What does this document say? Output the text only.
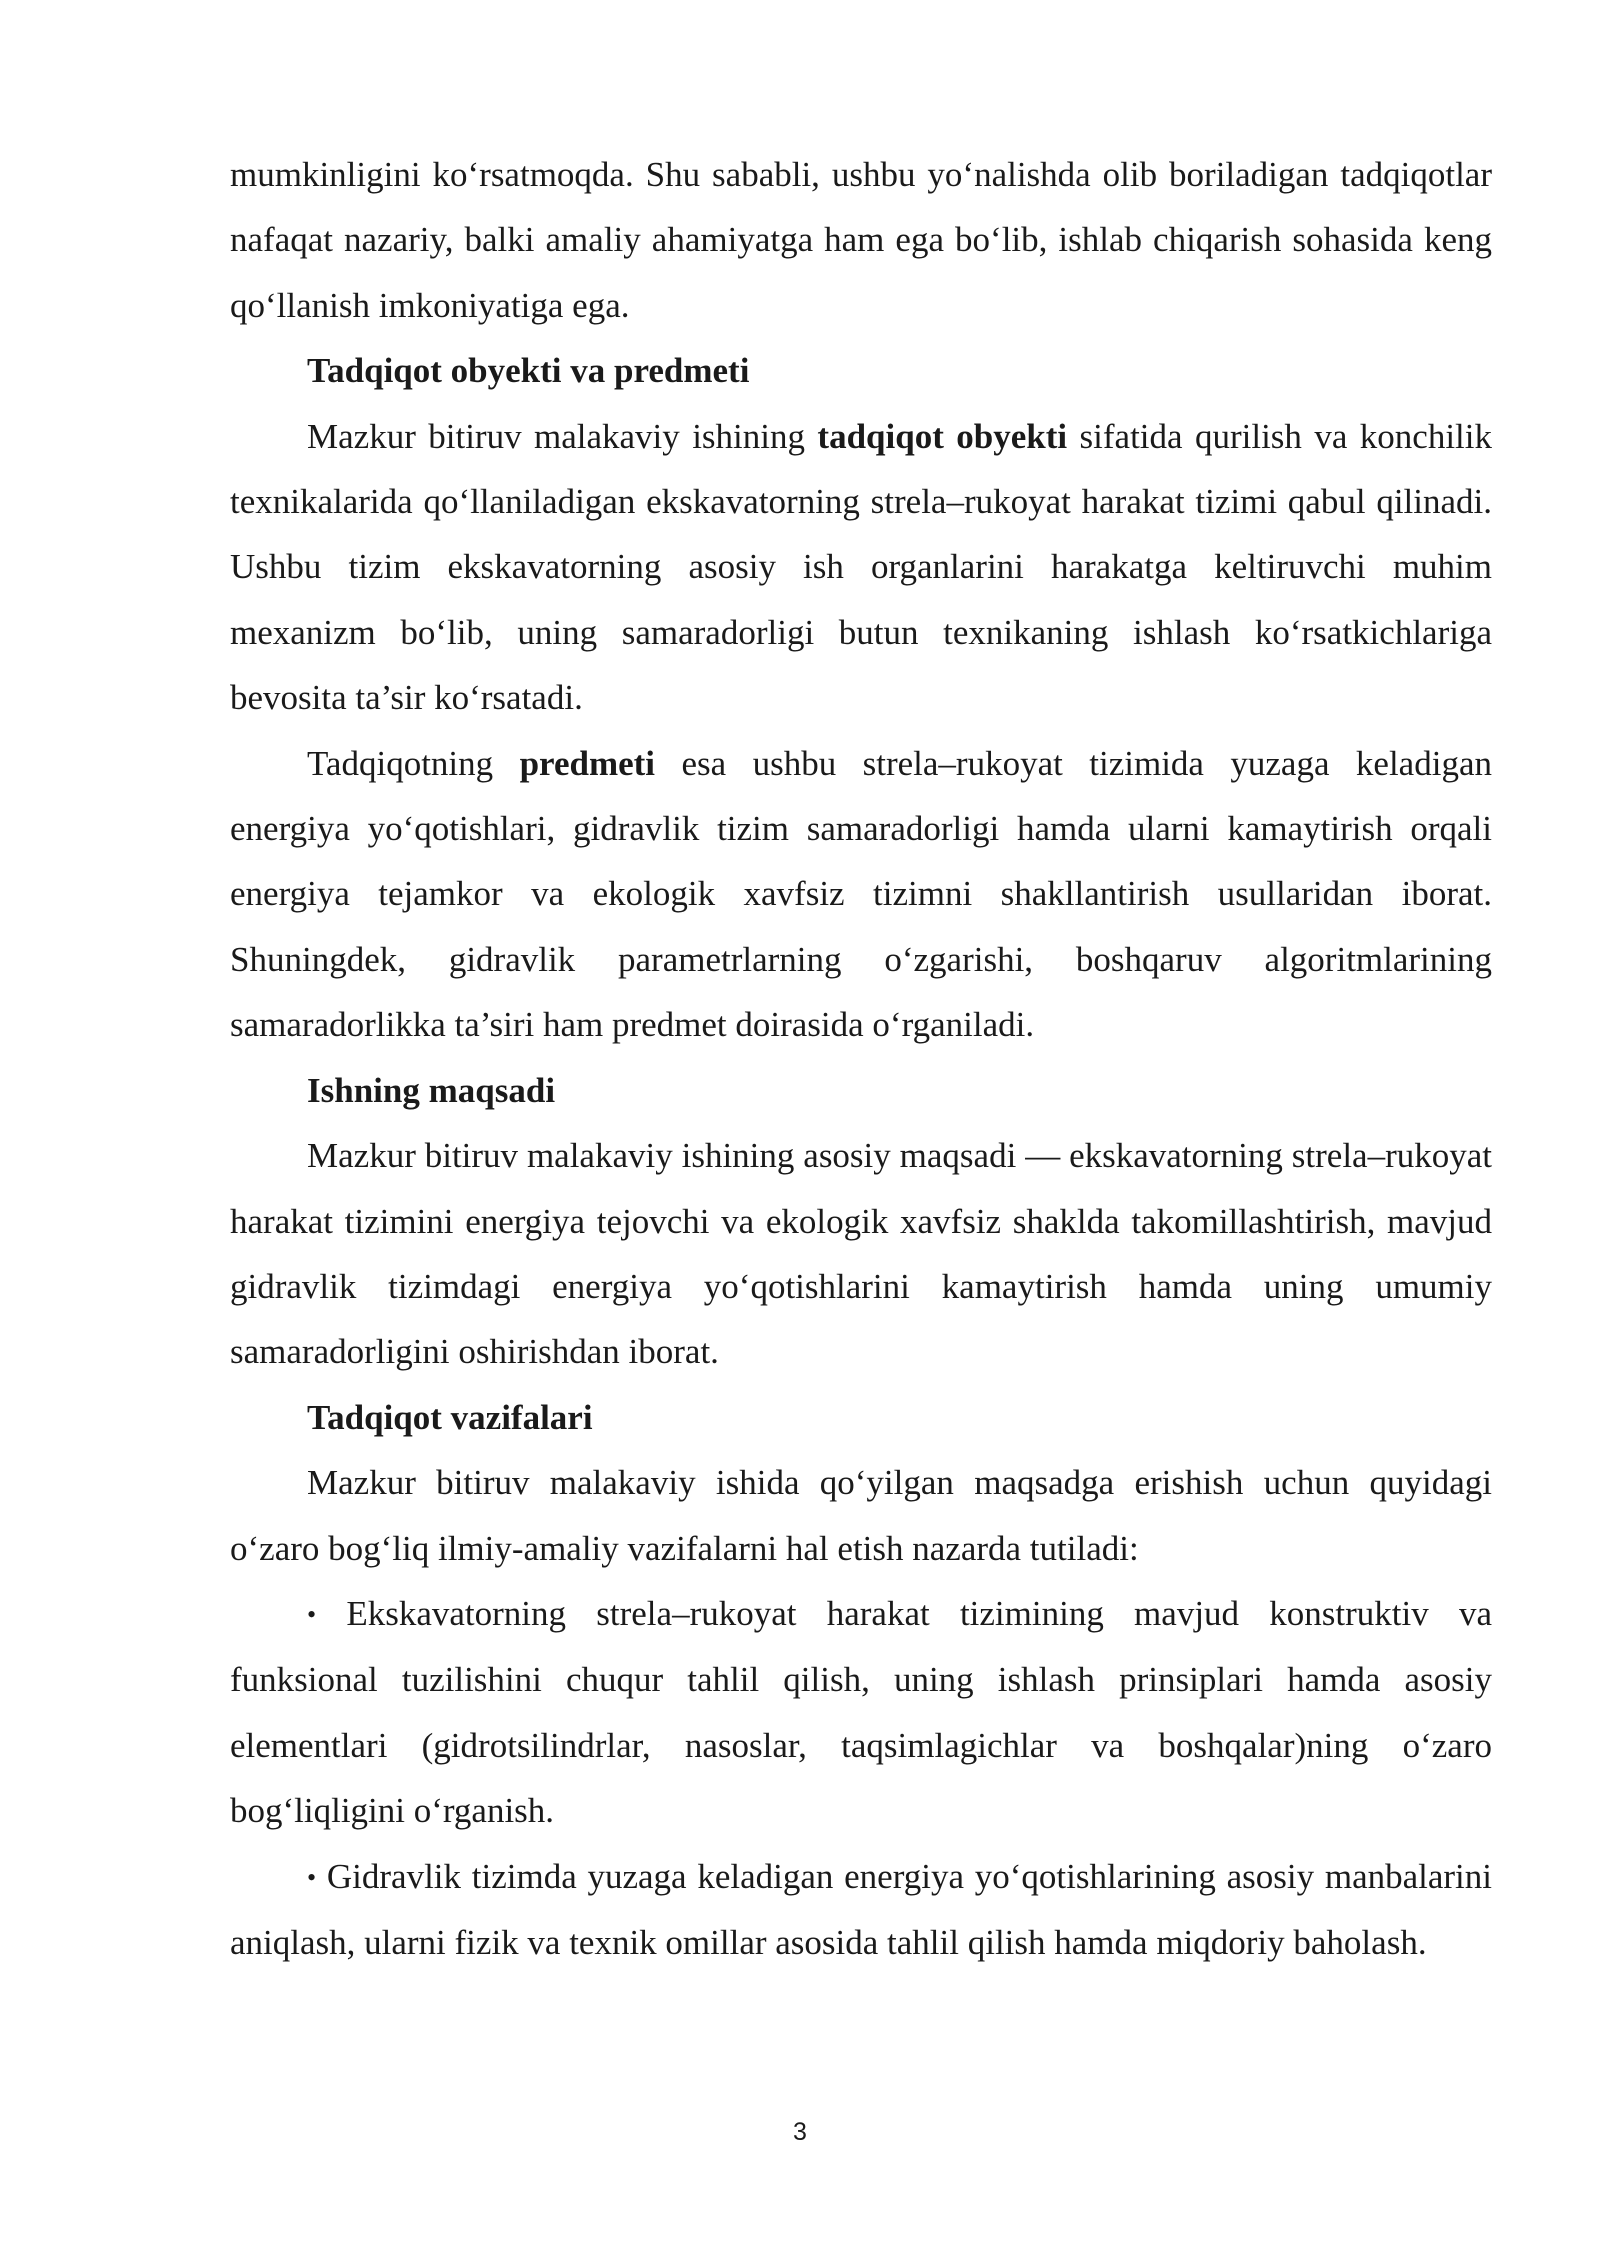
mumkinligini ko‘rsatmoqda. Shu sababli, ushbu yo‘nalishda olib boriladigan tadqiqotlar nafaqat nazariy, balki amaliy ahamiyatga ham ega bo‘lib, ishlab chiqarish sohasida keng qo‘llanish imkoniyatiga ega.

Tadqiqot obyekti va predmeti

Mazkur bitiruv malakaviy ishining tadqiqot obyekti sifatida qurilish va konchilik texnikalarida qo‘llaniladigan ekskavatorning strela–rukoyat harakat tizimi qabul qilinadi. Ushbu tizim ekskavatorning asosiy ish organlarini harakatga keltiruvchi muhim mexanizm bo‘lib, uning samaradorligi butun texnikaning ishlash ko‘rsatkichlariga bevosita ta’sir ko‘rsatadi.

Tadqiqotning predmeti esa ushbu strela–rukoyat tizimida yuzaga keladigan energiya yo‘qotishlari, gidravlik tizim samaradorligi hamda ularni kamaytirish orqali energiya tejamkor va ekologik xavfsiz tizimni shakllantirish usullaridan iborat. Shuningdek, gidravlik parametrlarning o‘zgarishi, boshqaruv algoritmlarining samaradorlikka ta’siri ham predmet doirasida o‘rganiladi.

Ishning maqsadi

Mazkur bitiruv malakaviy ishining asosiy maqsadi — ekskavatorning strela–rukoyat harakat tizimini energiya tejovchi va ekologik xavfsiz shaklda takomillashtirish, mavjud gidravlik tizimdagi energiya yo‘qotishlarini kamaytirish hamda uning umumiy samaradorligini oshirishdan iborat.

Tadqiqot vazifalari

Mazkur bitiruv malakaviy ishida qo‘yilgan maqsadga erishish uchun quyidagi o‘zaro bog‘liq ilmiy-amaliy vazifalarni hal etish nazarda tutiladi:

• Ekskavatorning strela–rukoyat harakat tizimining mavjud konstruktiv va funksional tuzilishini chuqur tahlil qilish, uning ishlash prinsiplari hamda asosiy elementlari (gidrotsilindrlar, nasoslar, taqsimlagichlar va boshqalar)ning o‘zaro bog‘liqligini o‘rganish.

• Gidravlik tizimda yuzaga keladigan energiya yo‘qotishlarining asosiy manbalarini aniqlash, ularni fizik va texnik omillar asosida tahlil qilish hamda miqdoriy baholash.

3
